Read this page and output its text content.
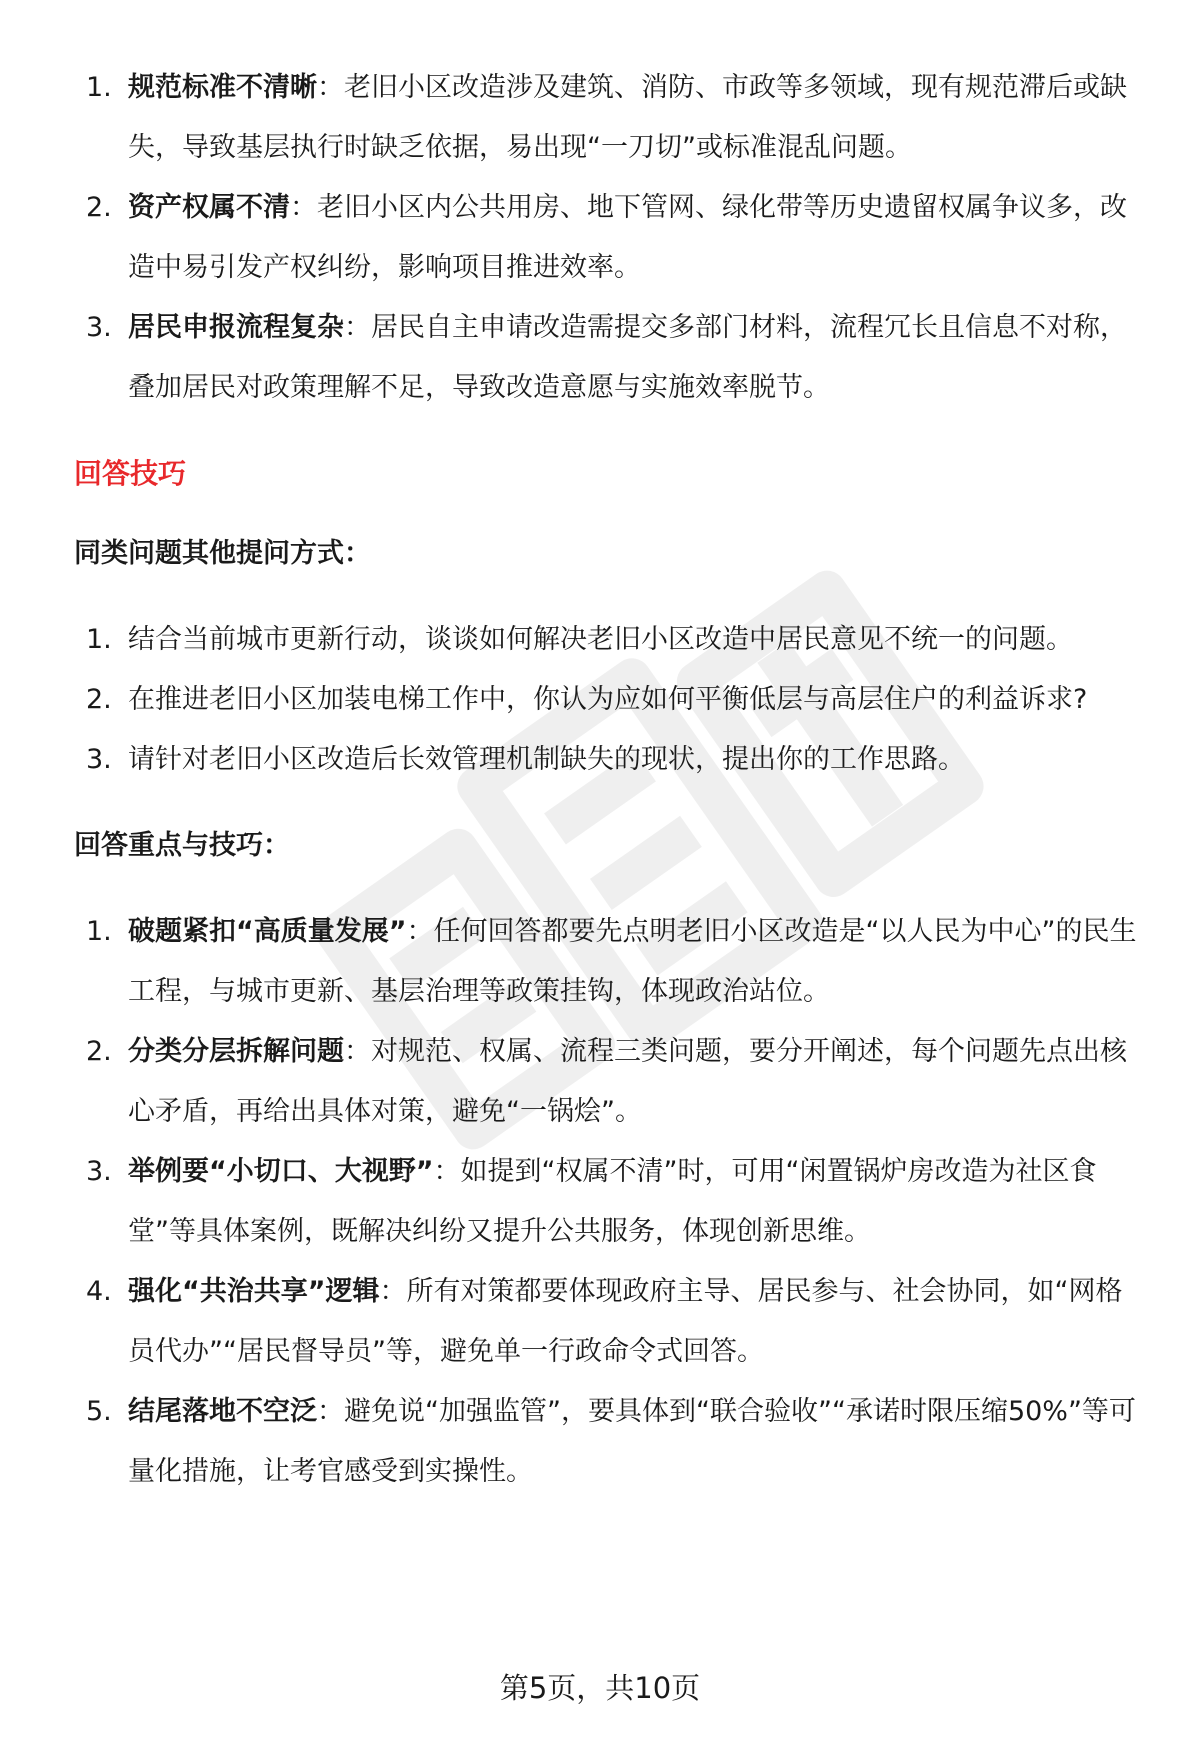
1. 规范标准不清晰：老旧小区改造涉及建筑、消防、市政等多领域，现有规范滞后或缺失，导致基层执行时缺乏依据，易出现“一刀切”或标准混乱问题。
2. 资产权属不清：老旧小区内公共用房、地下管网、绿化带等历史遗留权属争议多，改造中易引发产权纠纷，影响项目推进效率。
3. 居民申报流程复杂：居民自主申请改造需提交多部门材料，流程冗长且信息不对称，叠加居民对政策理解不足，导致改造意愿与实施效率脱节。
回答技巧
同类问题其他提问方式：
1. 结合当前城市更新行动，谈谈如何解决老旧小区改造中居民意见不统一的问题。
2. 在推进老旧小区加装电梯工作中，你认为应如何平衡低层与高层住户的利益诉求?
3. 请针对老旧小区改造后长效管理机制缺失的现状，提出你的工作思路。
回答重点与技巧：
1. 破题紧扣“高质量发展”：任何回答都要先点明老旧小区改造是“以人民为中心”的民生工程，与城市更新、基层治理等政策挂钩，体现政治站位。
2. 分类分层拆解问题：对规范、权属、流程三类问题，要分开阐述，每个问题先点出核心矛盾，再给出具体对策，避免“一锅烩”。
3. 举例要“小切口、大视野”：如提到“权属不清”时，可用“闲置锅炉房改造为社区食堂”等具体案例，既解决纠纷又提升公共服务，体现创新思维。
4. 强化“共治共享”逻辑：所有对策都要体现政府主导、居民参与、社会协同，如“网格员代办”“居民督导员”等，避免单一行政命令式回答。
5. 结尾落地不空泛：避免说“加强监管”，要具体到“联合验收”“承诺时限压缩50%”等可量化措施，让考官感受到实操性。
第5页，共10页
